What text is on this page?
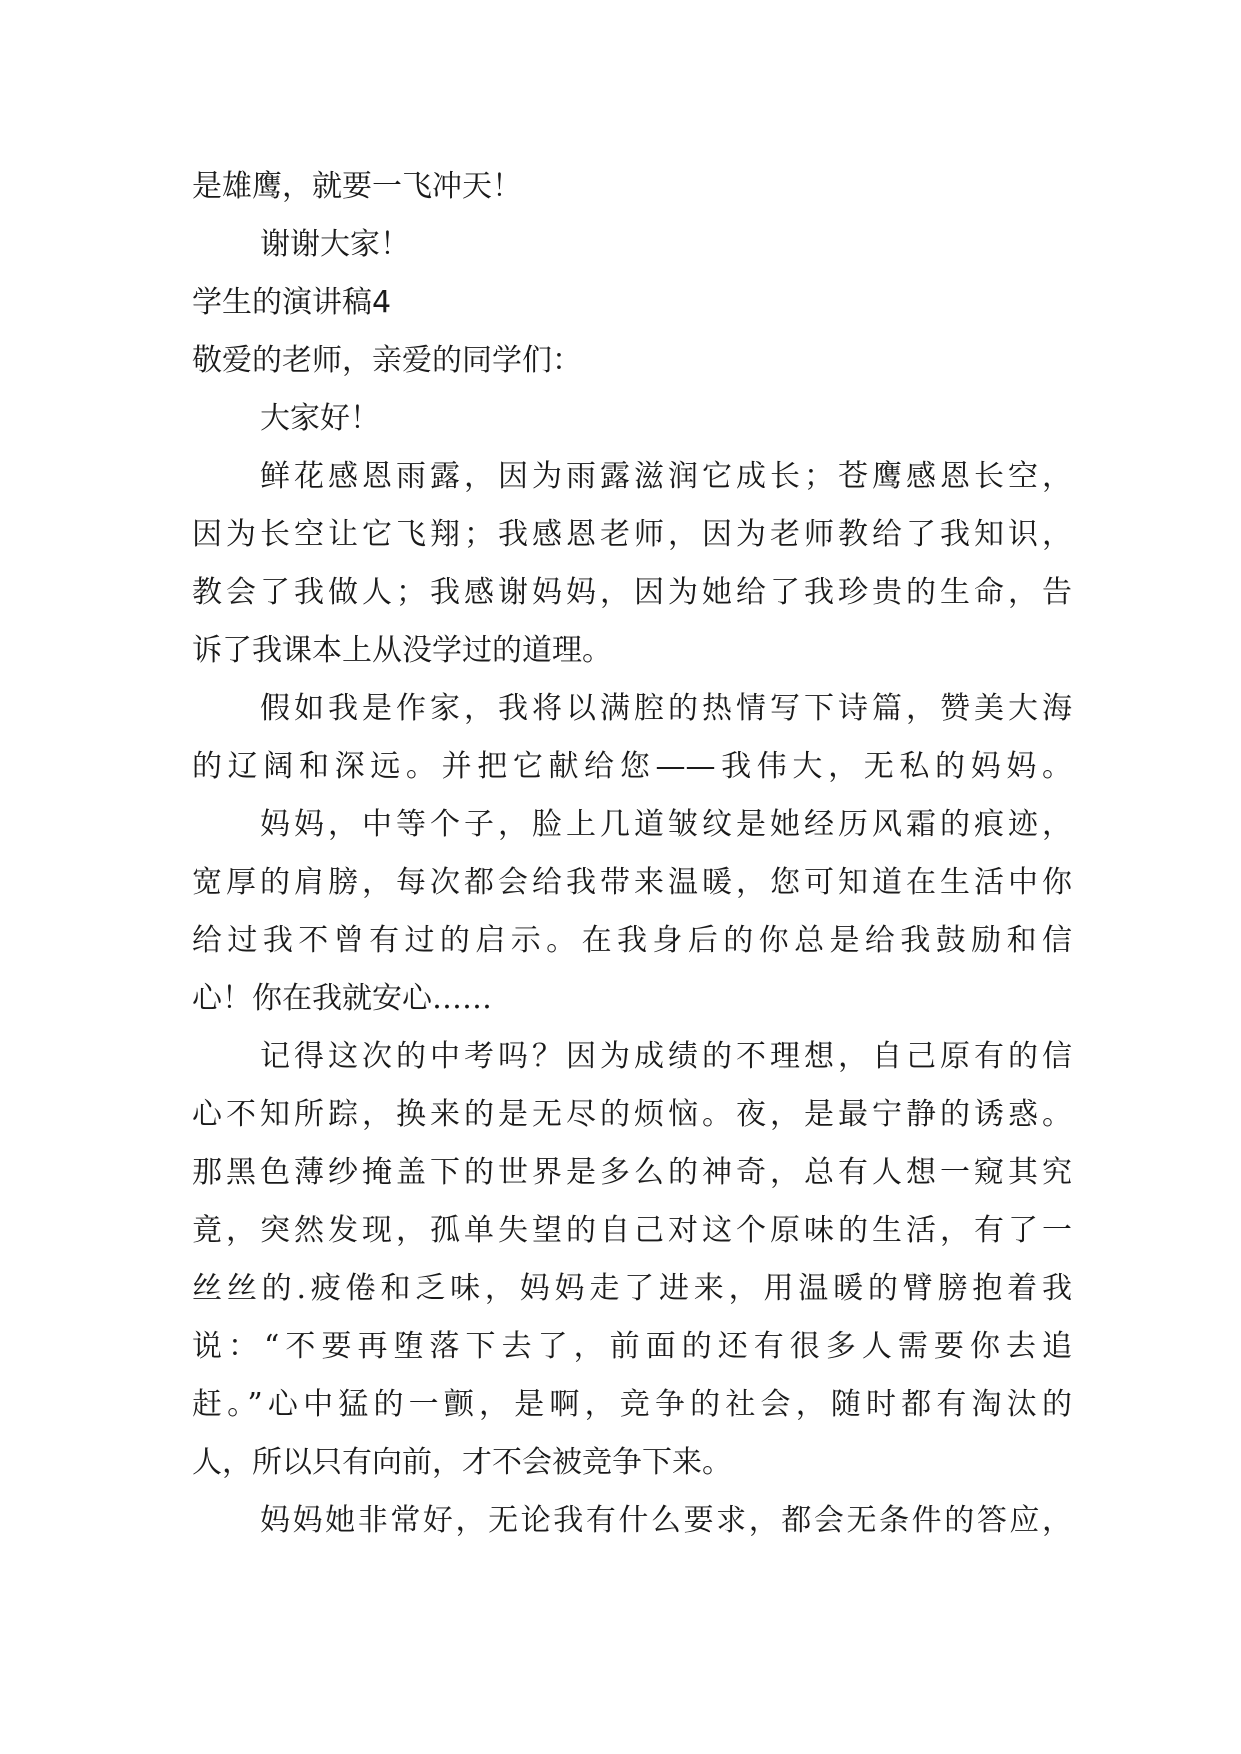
是雄鹰，就要一飞冲天！
谢谢大家！
学生的演讲稿4
敬爱的老师，亲爱的同学们：
大家好！
鲜花感恩雨露，因为雨露滋润它成长；苍鹰感恩长空，
因为长空让它飞翔；我感恩老师，因为老师教给了我知识，
教会了我做人；我感谢妈妈，因为她给了我珍贵的生命，告
诉了我课本上从没学过的道理。
假如我是作家，我将以满腔的热情写下诗篇，赞美大海
的辽阔和深远。并把它献给您——我伟大，无私的妈妈。
妈妈，中等个子，脸上几道皱纹是她经历风霜的痕迹，
宽厚的肩膀，每次都会给我带来温暖，您可知道在生活中你
给过我不曾有过的启示。在我身后的你总是给我鼓励和信
心！你在我就安心……
记得这次的中考吗？因为成绩的不理想，自己原有的信
心不知所踪，换来的是无尽的烦恼。夜，是最宁静的诱惑。
那黑色薄纱掩盖下的世界是多么的神奇，总有人想一窥其究
竟，突然发现，孤单失望的自己对这个原味的生活，有了一
丝丝的.疲倦和乏味，妈妈走了进来，用温暖的臂膀抱着我
说：“不要再堕落下去了，前面的还有很多人需要你去追
赶。”心中猛的一颤，是啊，竞争的社会，随时都有淘汰的
人，所以只有向前，才不会被竞争下来。
妈妈她非常好，无论我有什么要求，都会无条件的答应，
